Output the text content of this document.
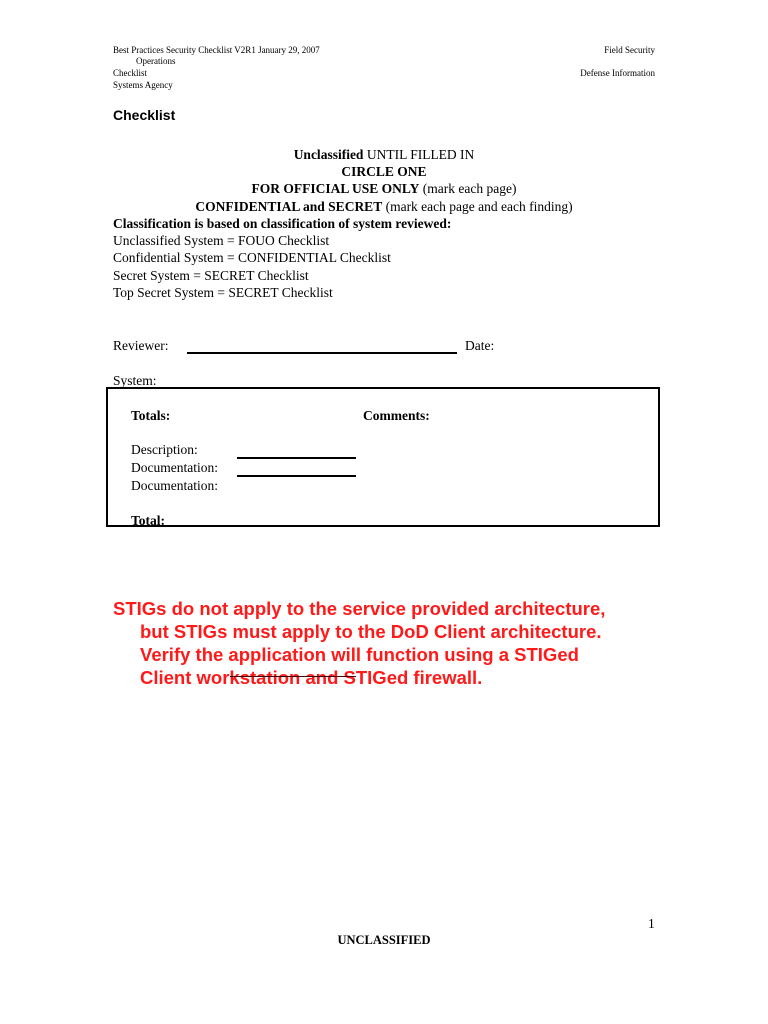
Best Practices Security Checklist V2R1 January 29, 2007
Operations
Checklist
Systems Agency
Field Security
Defense Information
Checklist
Unclassified UNTIL FILLED IN
CIRCLE ONE
FOR OFFICIAL USE ONLY (mark each page)
CONFIDENTIAL and SECRET (mark each page and each finding)
Classification is based on classification of system reviewed:
Unclassified System = FOUO Checklist
Confidential System = CONFIDENTIAL Checklist
Secret System = SECRET Checklist
Top Secret System = SECRET Checklist
Reviewer:	Date:
System:
Totals:	Comments:
Description:
Documentation:
Documentation:
Total:
STIGs do not apply to the service provided architecture,
but STIGs must apply to the DoD Client architecture.
Verify the application will function using a STIGed
Client workstation and STIGed firewall.
1
UNCLASSIFIED
